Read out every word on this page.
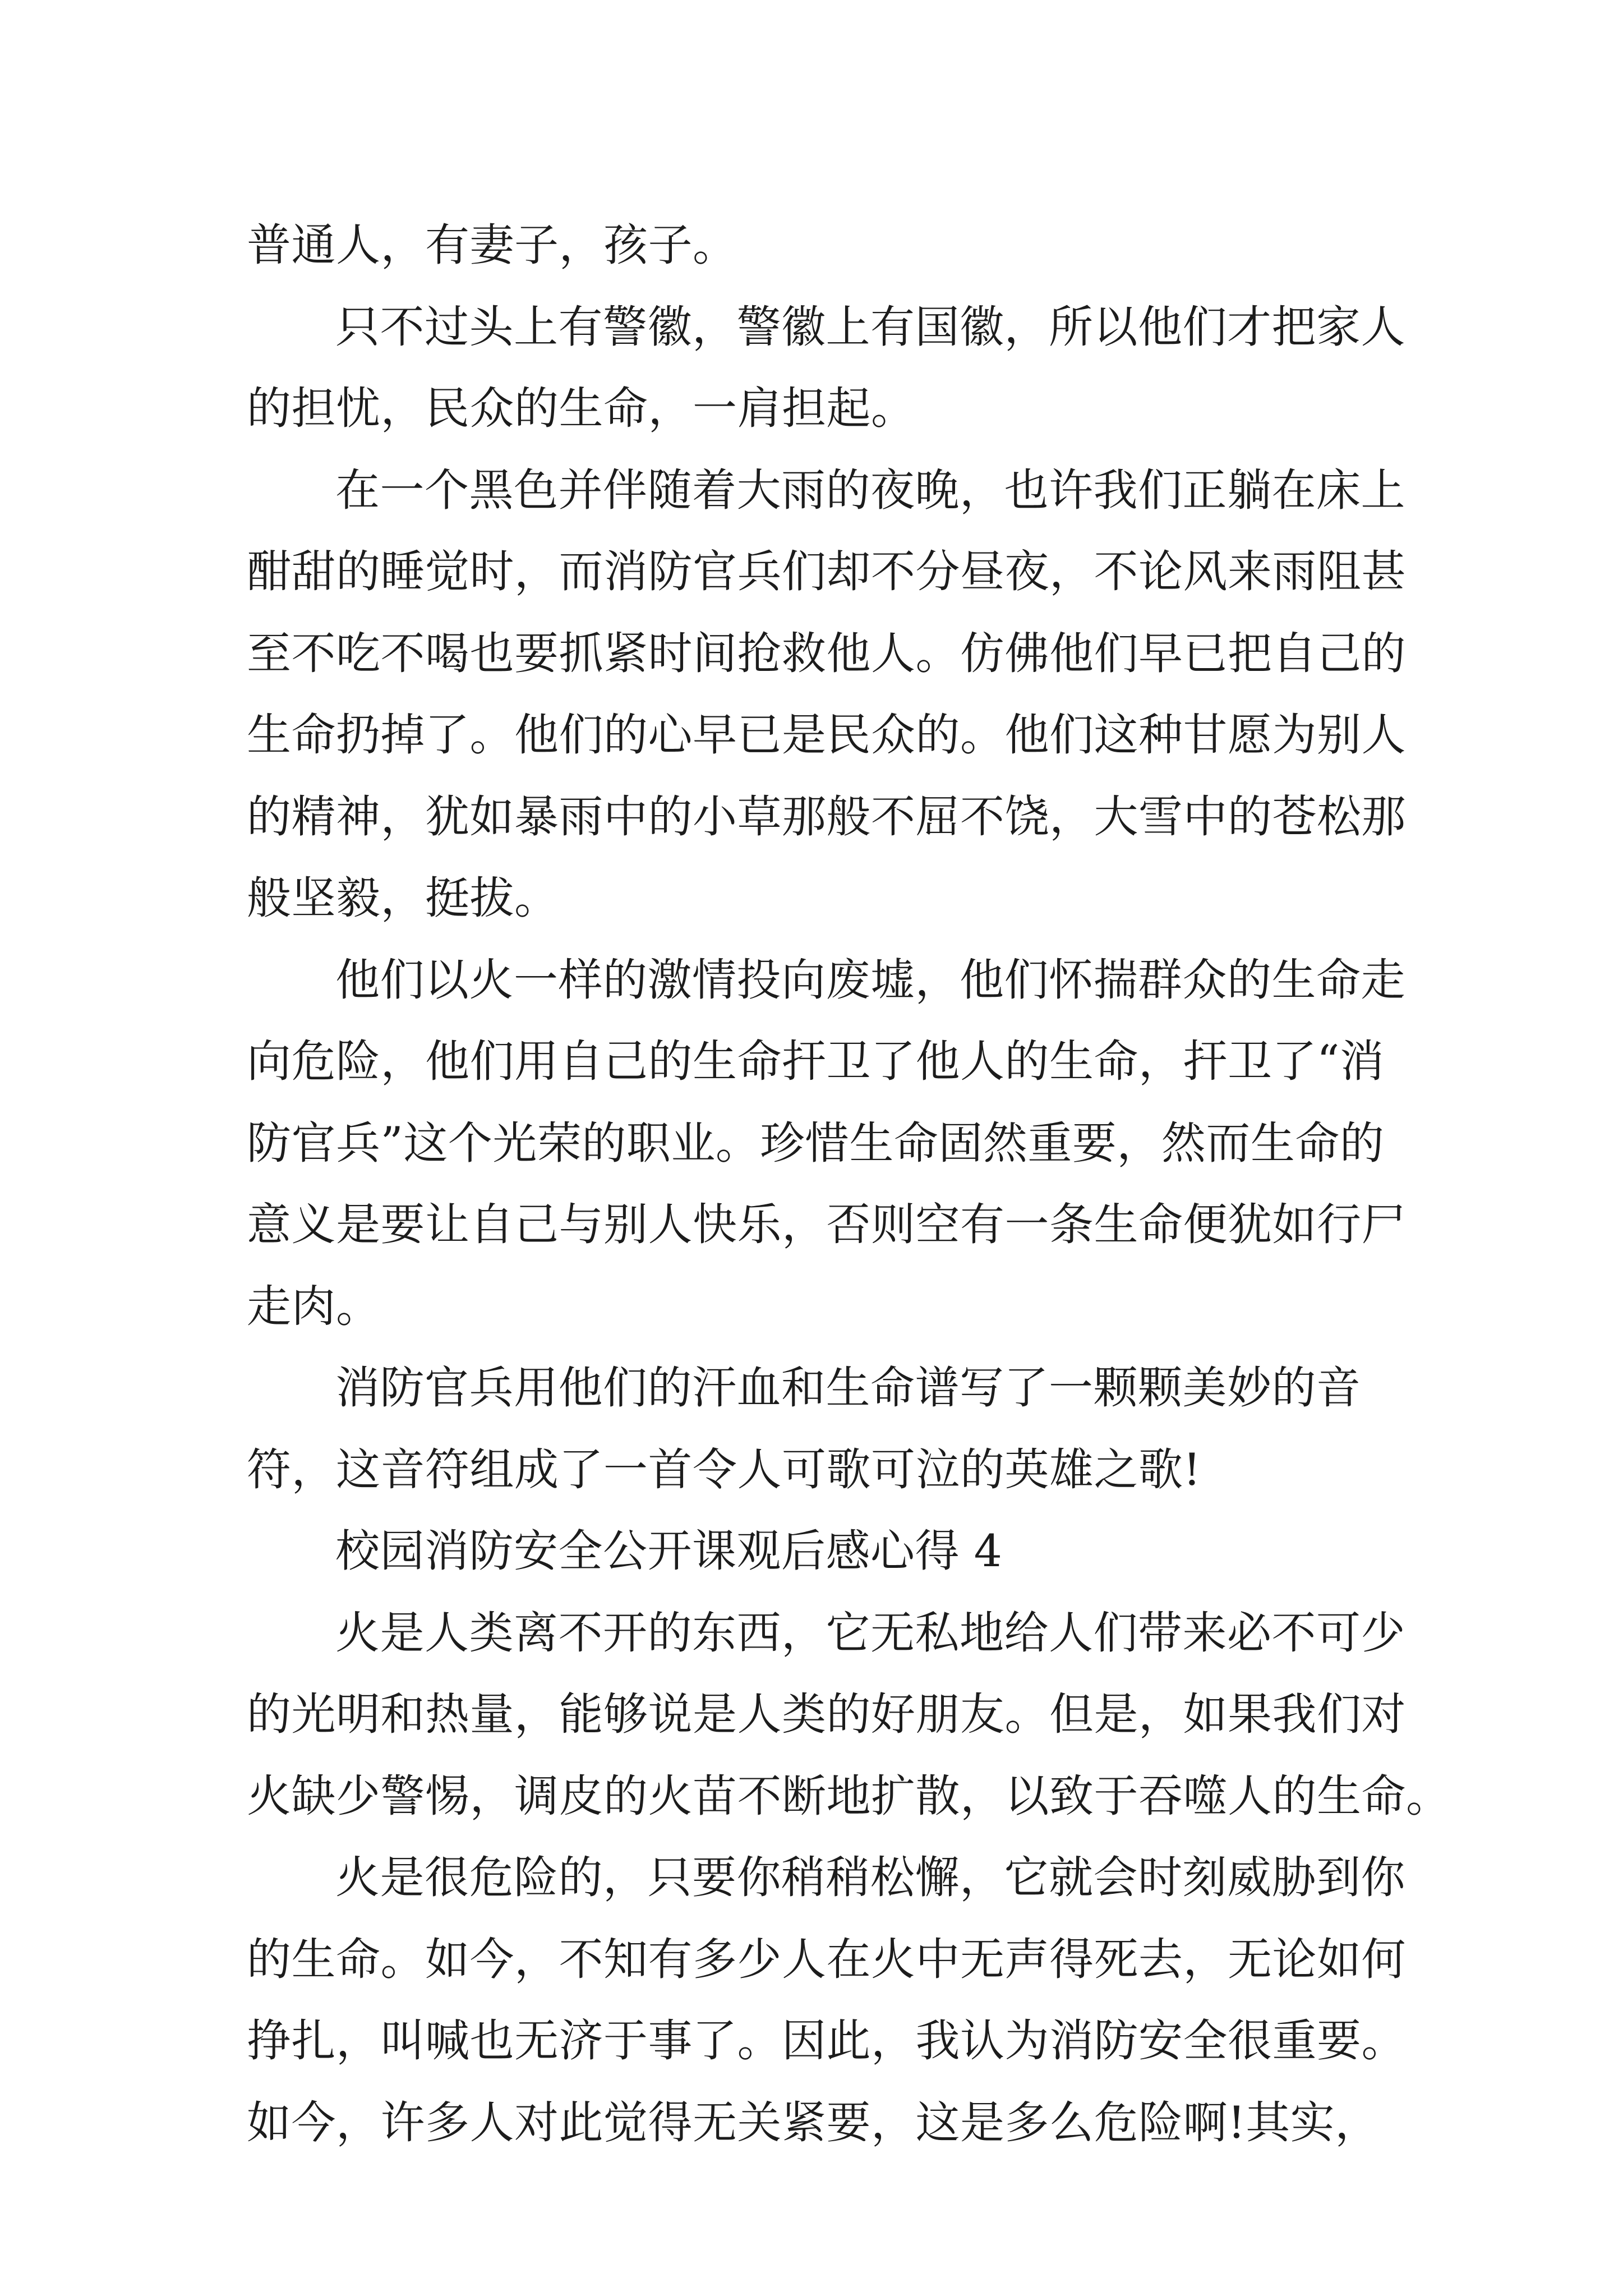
普通人，有妻子，孩子。
只不过头上有警徽，警徽上有国徽，所以他们才把家人
的担忧，民众的生命，一肩担起。
在一个黑色并伴随着大雨的夜晚，也许我们正躺在床上
酣甜的睡觉时，而消防官兵们却不分昼夜，不论风来雨阻甚
至不吃不喝也要抓紧时间抢救他人。仿佛他们早已把自己的
生命扔掉了。他们的心早已是民众的。他们这种甘愿为别人
的精神，犹如暴雨中的小草那般不屈不饶，大雪中的苍松那
般坚毅，挺拔。
他们以火一样的激情投向废墟，他们怀揣群众的生命走
向危险，他们用自己的生命扞卫了他人的生命，扞卫了“消
防官兵”这个光荣的职业。珍惜生命固然重要，然而生命的
意义是要让自己与别人快乐，否则空有一条生命便犹如行尸
走肉。
消防官兵用他们的汗血和生命谱写了一颗颗美妙的音
符，这音符组成了一首令人可歌可泣的英雄之歌!
校园消防安全公开课观后感心得 4
火是人类离不开的东西，它无私地给人们带来必不可少
的光明和热量，能够说是人类的好朋友。但是，如果我们对
火缺少警惕，调皮的火苗不断地扩散，以致于吞噬人的生命。
火是很危险的，只要你稍稍松懈，它就会时刻威胁到你
的生命。如今，不知有多少人在火中无声得死去，无论如何
挣扎，叫喊也无济于事了。因此，我认为消防安全很重要。
如今，许多人对此觉得无关紧要，这是多么危险啊!其实，
